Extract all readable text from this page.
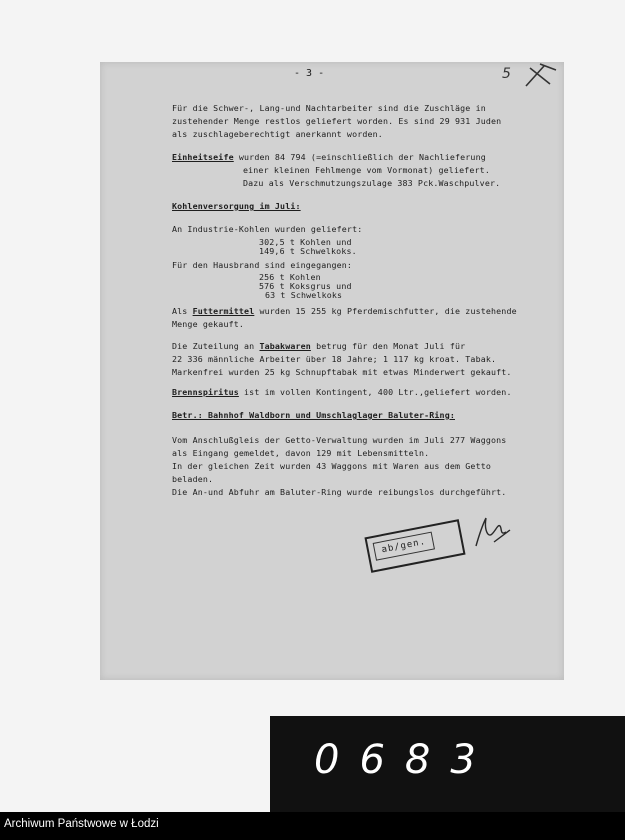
- 3 -	5
Für die Schwer-, Lang-und Nachtarbeiter sind die Zuschläge in
zustehender Menge restlos geliefert worden. Es sind 29 931 Juden
als zuschlageberechtigt anerkannt worden.
Einheitseife wurden 84 794 (=einschließlich der Nachlieferung
einer kleinen Fehlmenge vom Vormonat) geliefert.
Dazu als Verschmutzungszulage 383 Pck.Waschpulver.
Kohlenversorgung im Juli:
An Industrie-Kohlen wurden geliefert:
302,5 t Kohlen und
149,6 t Schwelkoks.
Für den Hausbrand sind eingegangen:
256 t Kohlen
576 t Koksgrus und
63 t Schwelkoks
Als Futtermittel wurden 15 255 kg Pferdemischfutter, die zustehende
Menge gekauft.
Die Zuteilung an Tabakwaren betrug für den Monat Juli für
22 336 männliche Arbeiter über 18 Jahre; 1 117 kg kroat. Tabak.
Markenfrei wurden 25 kg Schnupftabak mit etwas Minderwert gekauft.
Brennspiritus ist im vollen Kontingent, 400 Ltr.,geliefert worden.
Betr.: Bahnhof Waldborn und Umschlaglager Baluter-Ring:
Vom Anschlußgleis der Getto-Verwaltung wurden im Juli 277 Waggons
als Eingang gemeldet, davon 129 mit Lebensmitteln.
In der gleichen Zeit wurden 43 Waggons mit Waren aus dem Getto
beladen.
Die An-und Abfuhr am Baluter-Ring wurde reibungslos durchgeführt.
ab/gen.
0683
Archiwum Państwowe w Łodzi
